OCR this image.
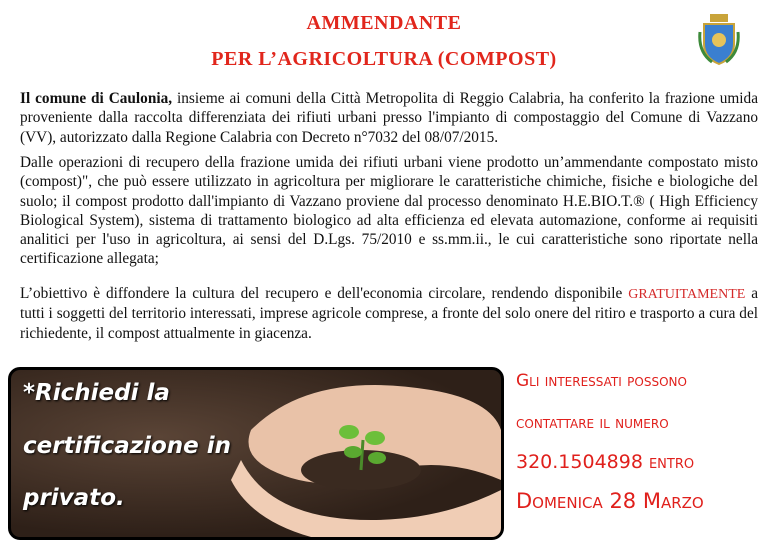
AMMENDANTE
PER L’AGRICOLTURA (COMPOST)
Il comune di Caulonia, insieme ai comuni della Città Metropolita di Reggio Calabria, ha conferito la frazione umida proveniente dalla raccolta differenziata dei rifiuti urbani presso l'impianto di compostaggio del Comune di Vazzano (VV), autorizzato dalla Regione Calabria con Decreto n°7032 del 08/07/2015.
Dalle operazioni di recupero della frazione umida dei rifiuti urbani viene prodotto un’ammendante compostato misto (compost)", che può essere utilizzato in agricoltura per migliorare le caratteristiche chimiche, fisiche e biologiche del suolo; il compost prodotto dall'impianto di Vazzano proviene dal processo denominato H.E.BIO.T.® ( High Efficiency Biological System), sistema di trattamento biologico ad alta efficienza ed elevata automazione, conforme ai requisiti analitici per l'uso in agricoltura, ai sensi del D.Lgs. 75/2010 e ss.mm.ii., le cui caratteristiche sono riportate nella certificazione allegata;
L’obiettivo è diffondere la cultura del recupero e dell'economia circolare, rendendo disponibile GRATUITAMENTE a tutti i soggetti del territorio interessati, imprese agricole comprese, a fronte del solo onere del ritiro e trasporto a cura del richiedente, il compost attualmente in giacenza.
*Richiedi la
certificazione in
privato.
Gli interessati possono
contattare il numero
320.1504898 entro
Domenica 28 Marzo
